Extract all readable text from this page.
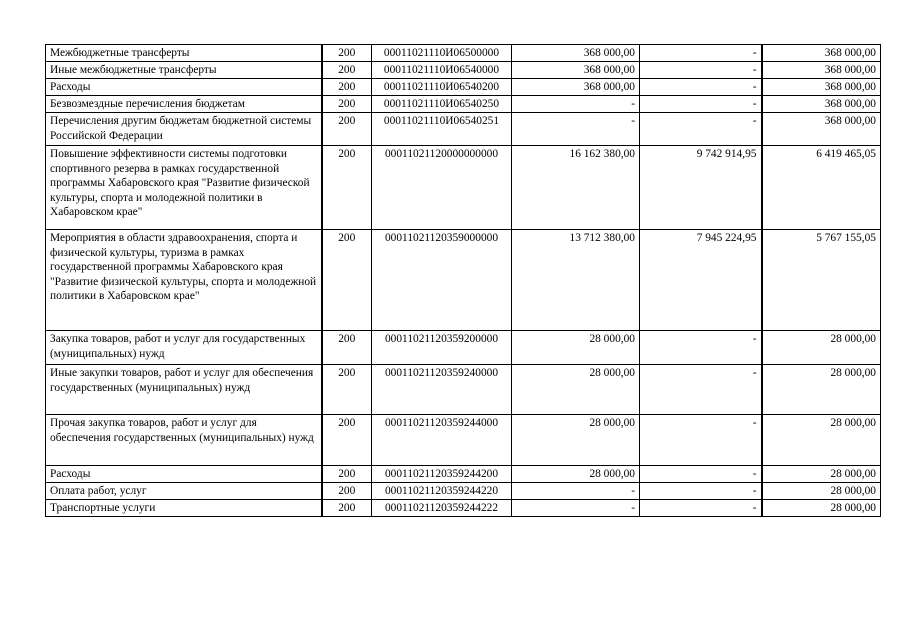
Межбюджетные трансферты	200	00011021110И06500000	368 000,00	-	368 000,00
Иные межбюджетные трансферты	200	00011021110И06540000	368 000,00	-	368 000,00
Расходы	200	00011021110И06540200	368 000,00	-	368 000,00
Безвозмездные перечисления бюджетам	200	00011021110И06540250	-	-	368 000,00
Перечисления другим бюджетам бюджетной системы Российской Федерации	200	00011021110И06540251	-	-	368 000,00
Повышение эффективности системы подготовки спортивного резерва в рамках государственной программы Хабаровского края "Развитие физической культуры, спорта и молодежной политики в Хабаровском крае"	200	00011021120000000000	16 162 380,00	9 742 914,95	6 419 465,05
Мероприятия в области здравоохранения, спорта и физической культуры, туризма в рамках государственной программы Хабаровского края "Развитие физической культуры, спорта и молодежной политики в Хабаровском крае"	200	00011021120359000000	13 712 380,00	7 945 224,95	5 767 155,05
Закупка товаров, работ и услуг для государственных (муниципальных) нужд	200	00011021120359200000	28 000,00	-	28 000,00
Иные закупки товаров, работ и услуг для обеспечения государственных (муниципальных) нужд	200	00011021120359240000	28 000,00	-	28 000,00
Прочая закупка товаров, работ и услуг для обеспечения государственных (муниципальных) нужд	200	00011021120359244000	28 000,00	-	28 000,00
Расходы	200	00011021120359244200	28 000,00	-	28 000,00
Оплата работ, услуг	200	00011021120359244220	-	-	28 000,00
Транспортные услуги	200	00011021120359244222	-	-	28 000,00
